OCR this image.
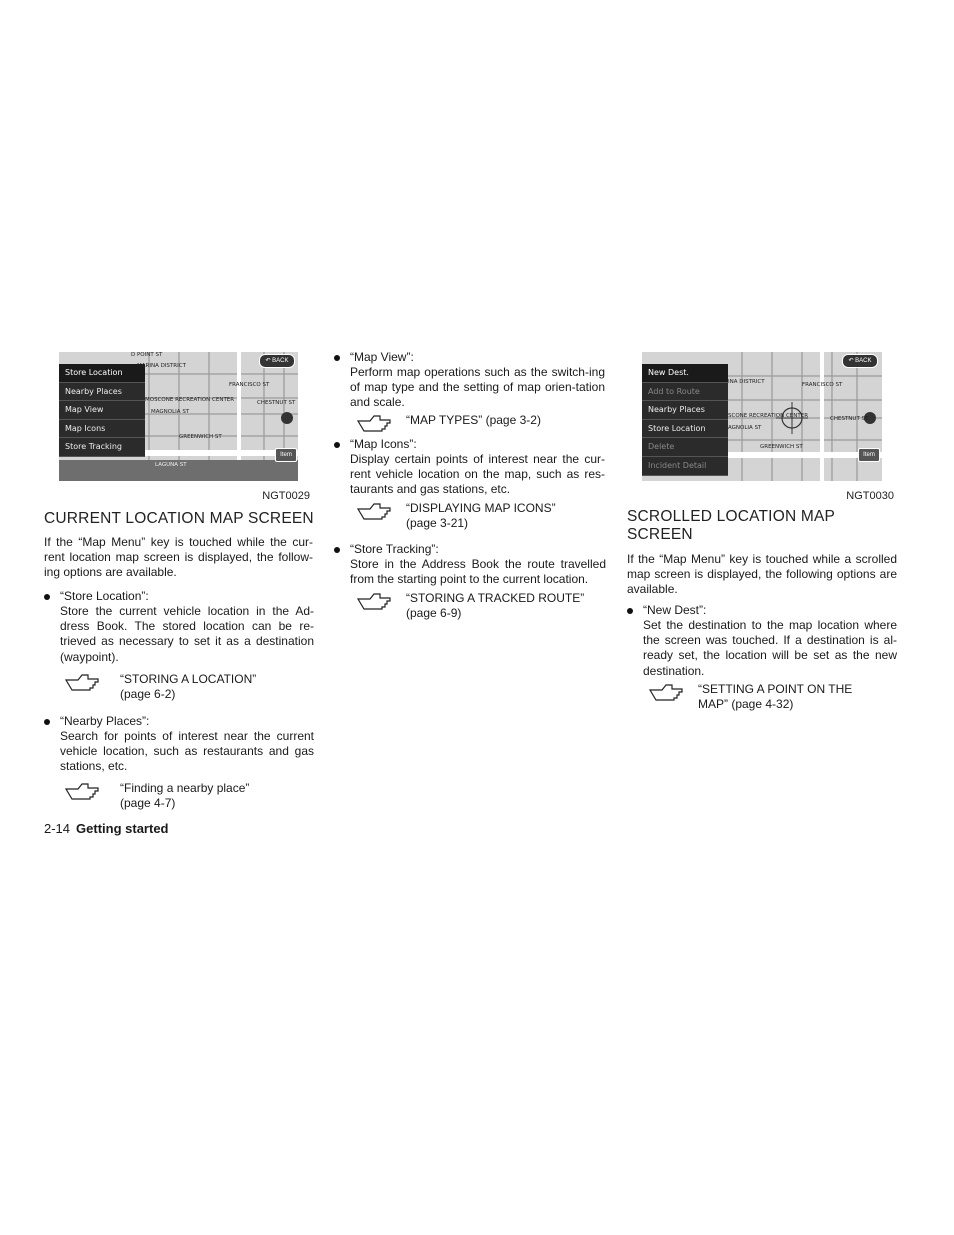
Store Location
Nearby Places
Map View
Map Icons
Store Tracking
D POINT ST
MARINA DISTRICT
FRANCISCO ST
MOSCONE RECREATION CENTER
MAGNOLIA ST
CHESTNUT ST
GREENWICH ST
LAGUNA ST
↶ BACK
Item
NGT0029
New Dest.
Add to Route
Nearby Places
Store Location
Delete
Incident Detail
INA DISTRICT	FRANCISCO ST
SCONE RECREATION CENTER
AGNOLIA ST
CHESTNUT ST
GREENWICH ST
↶ BACK
Item
NGT0030
CURRENT LOCATION MAP SCREEN
If the “Map Menu” key is touched while the cur-rent location map screen is displayed, the follow-ing options are available.
“Store Location”:
Store the current vehicle location in the Ad-dress Book. The stored location can be re-trieved as necessary to set it as a destination (waypoint).
“STORING A LOCATION” (page 6-2)
“Nearby Places”:
Search for points of interest near the current vehicle location, such as restaurants and gas stations, etc.
“Finding a nearby place” (page 4-7)
“Map View”:
Perform map operations such as the switch-ing of map type and the setting of map orien-tation and scale.
“MAP TYPES” (page 3-2)
“Map Icons”:
Display certain points of interest near the cur-rent vehicle location on the map, such as res-taurants and gas stations, etc.
“DISPLAYING MAP ICONS” (page 3-21)
“Store Tracking”:
Store in the Address Book the route travelled from the starting point to the current location.
“STORING A TRACKED ROUTE” (page 6-9)
SCROLLED LOCATION MAP SCREEN
If the “Map Menu” key is touched while a scrolled map screen is displayed, the following options are available.
“New Dest”:
Set the destination to the map location where the screen was touched. If a destination is al-ready set, the location will be set as the new destination.
“SETTING A POINT ON THE MAP” (page 4-32)
2-14 Getting started
